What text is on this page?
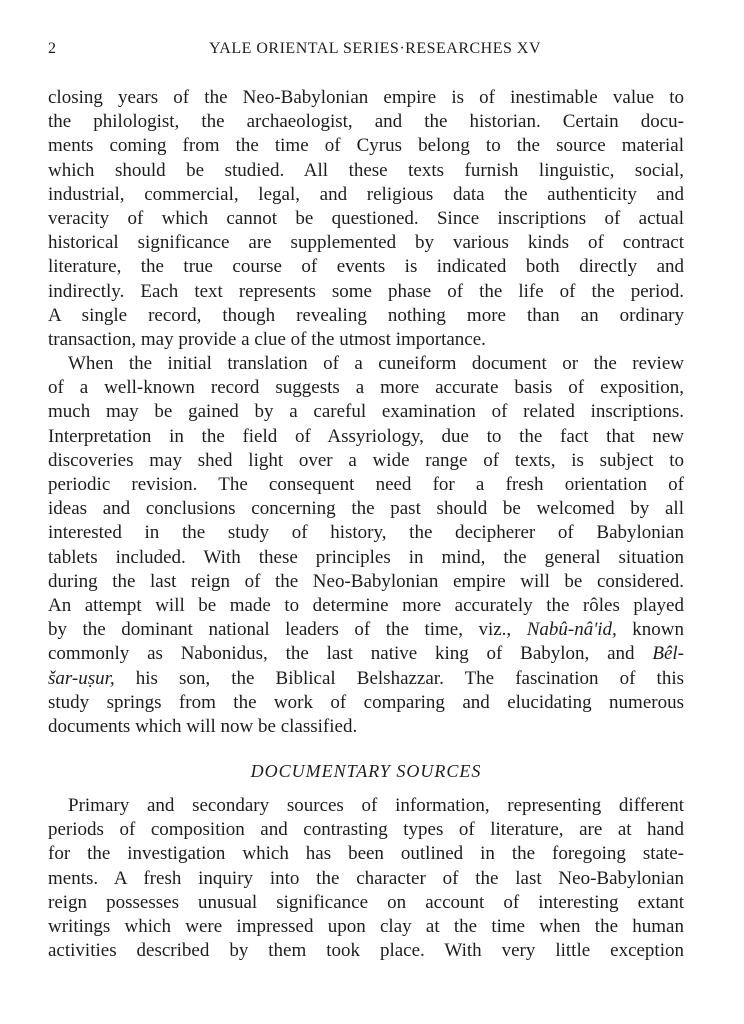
2	YALE ORIENTAL SERIES·RESEARCHES XV
closing years of the Neo-Babylonian empire is of inestimable value to
the philologist, the archaeologist, and the historian. Certain docu-
ments coming from the time of Cyrus belong to the source material
which should be studied. All these texts furnish linguistic, social,
industrial, commercial, legal, and religious data the authenticity and
veracity of which cannot be questioned. Since inscriptions of actual
historical significance are supplemented by various kinds of contract
literature, the true course of events is indicated both directly and
indirectly. Each text represents some phase of the life of the period.
A single record, though revealing nothing more than an ordinary
transaction, may provide a clue of the utmost importance.
When the initial translation of a cuneiform document or the review
of a well-known record suggests a more accurate basis of exposition,
much may be gained by a careful examination of related inscriptions.
Interpretation in the field of Assyriology, due to the fact that new
discoveries may shed light over a wide range of texts, is subject to
periodic revision. The consequent need for a fresh orientation of
ideas and conclusions concerning the past should be welcomed by all
interested in the study of history, the decipherer of Babylonian
tablets included. With these principles in mind, the general situation
during the last reign of the Neo-Babylonian empire will be considered.
An attempt will be made to determine more accurately the rôles played
by the dominant national leaders of the time, viz., Nabû-nâ'id, known
commonly as Nabonidus, the last native king of Babylon, and Bêl-
šar-uṣur, his son, the Biblical Belshazzar. The fascination of this
study springs from the work of comparing and elucidating numerous
documents which will now be classified.
DOCUMENTARY SOURCES
Primary and secondary sources of information, representing different
periods of composition and contrasting types of literature, are at hand
for the investigation which has been outlined in the foregoing state-
ments. A fresh inquiry into the character of the last Neo-Babylonian
reign possesses unusual significance on account of interesting extant
writings which were impressed upon clay at the time when the human
activities described by them took place. With very little exception
